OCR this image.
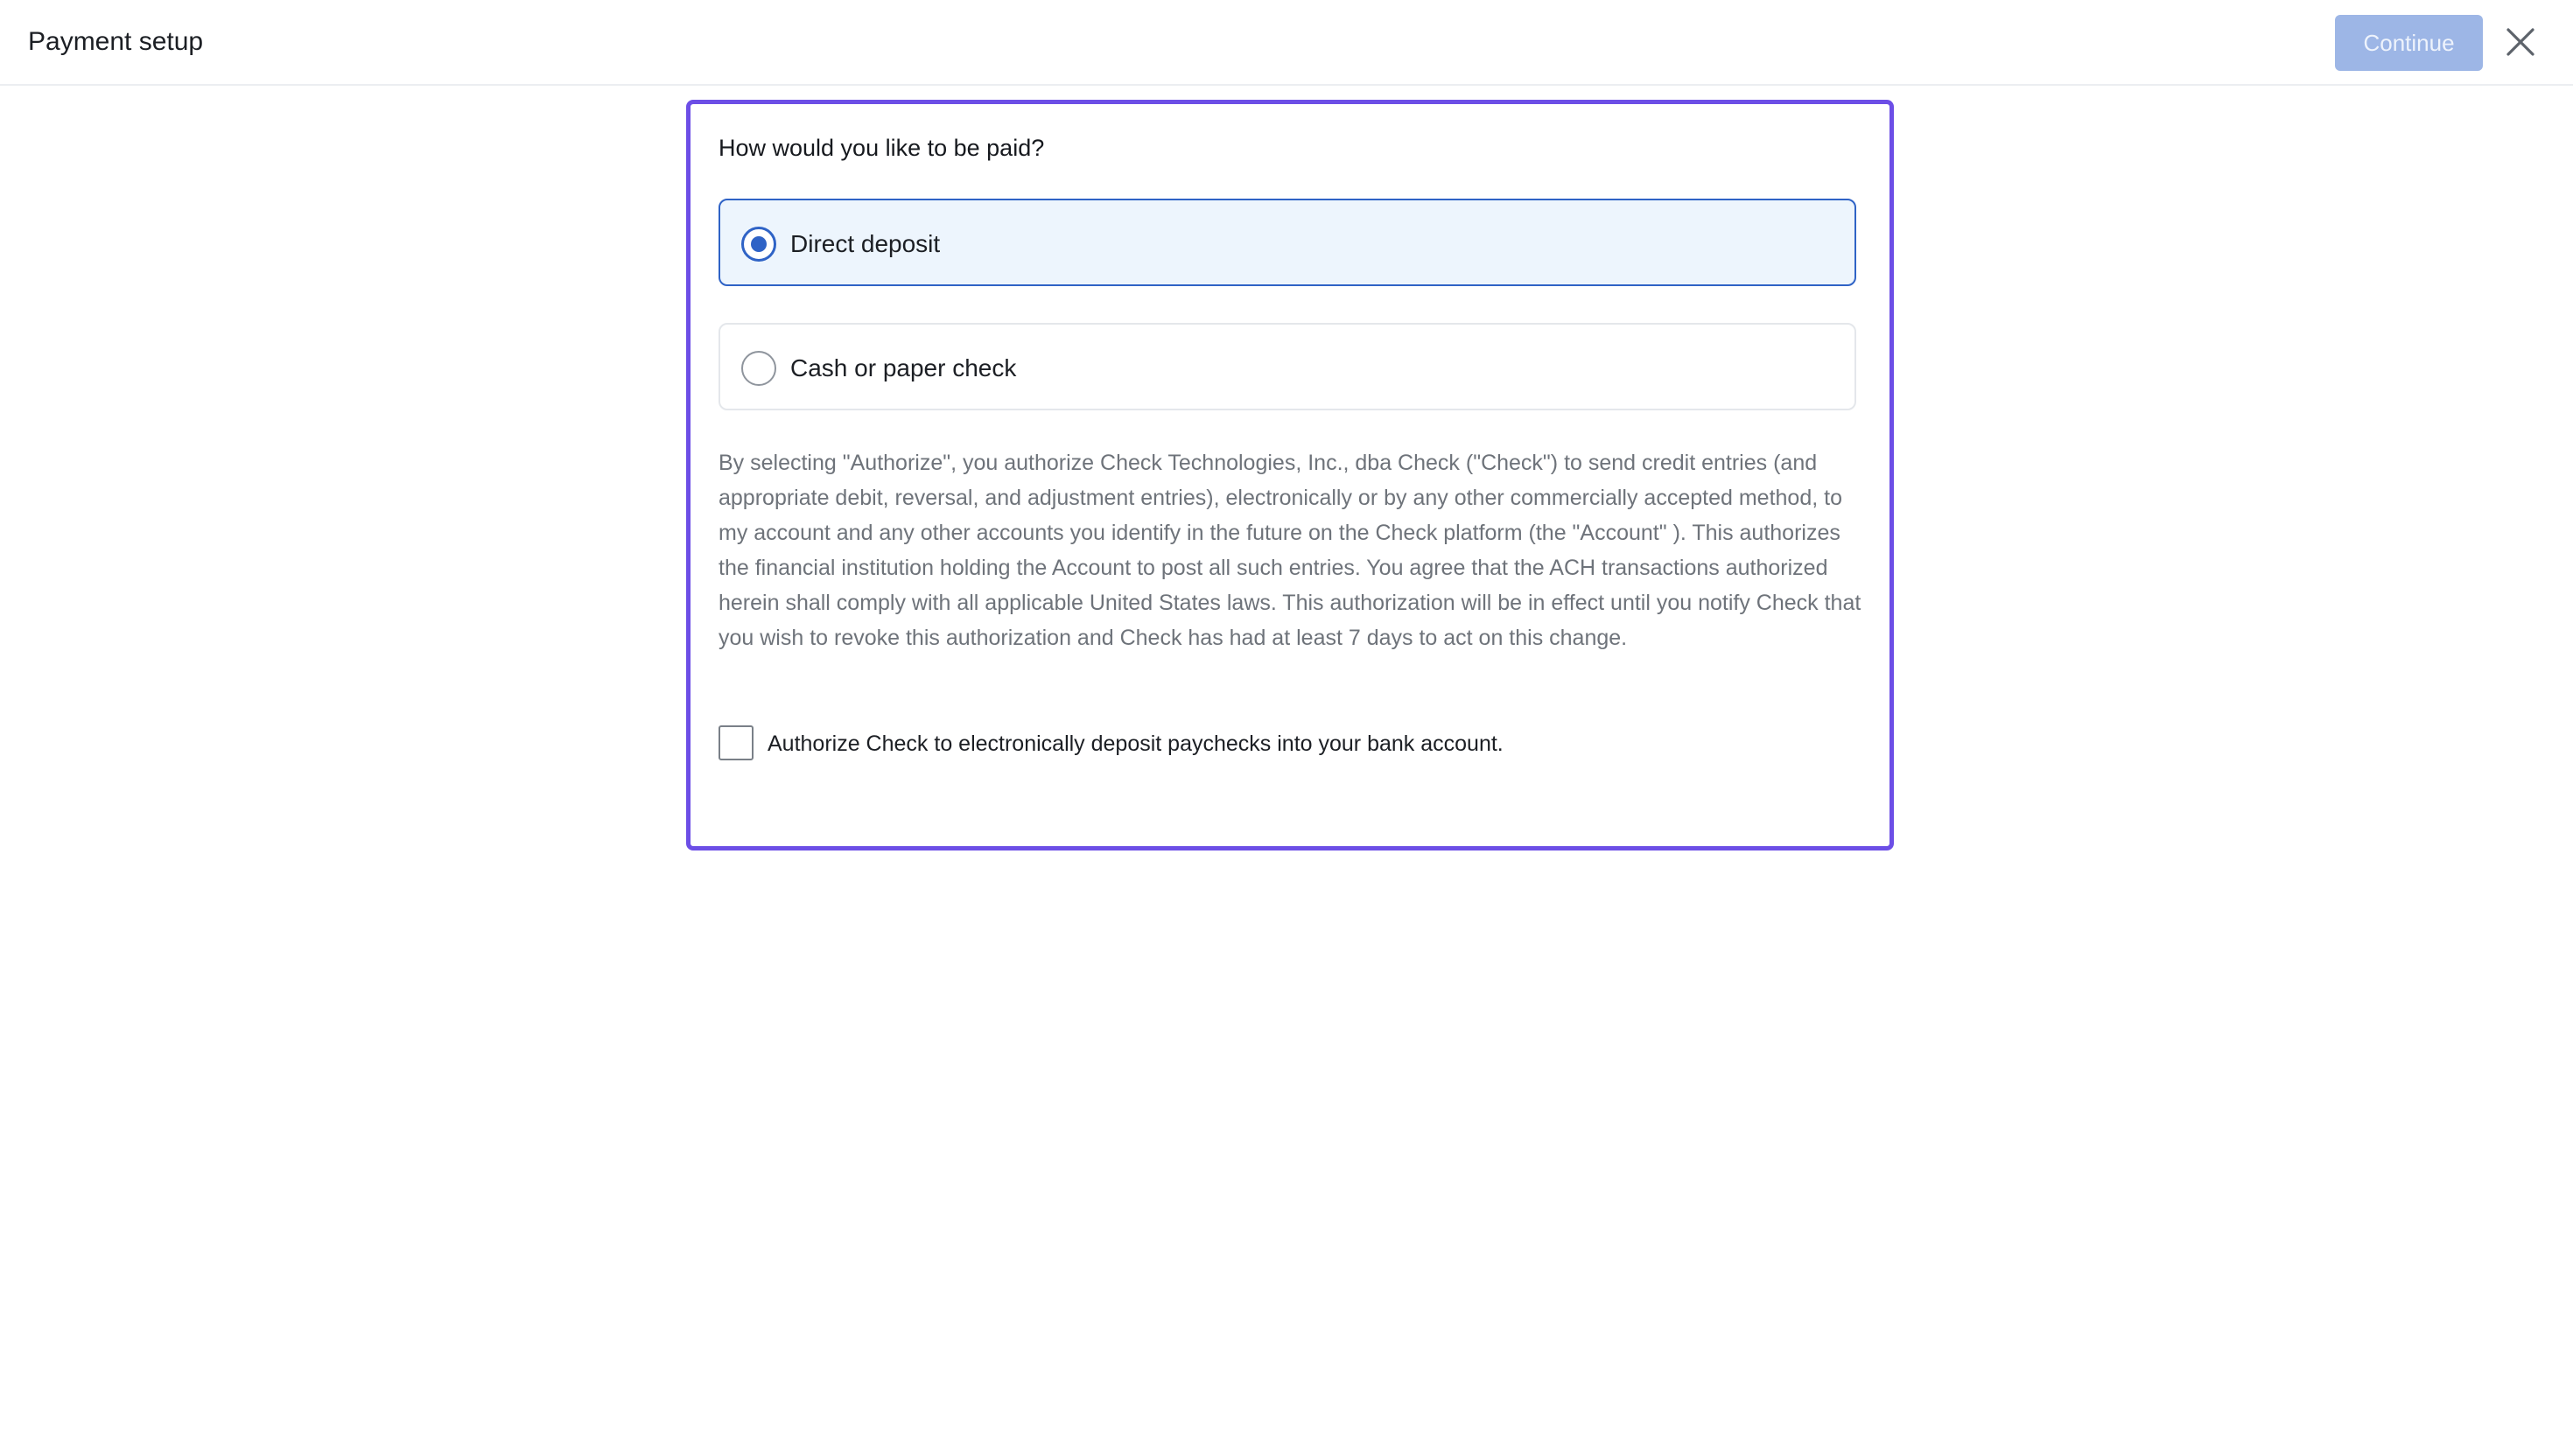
Payment setup	Continue
How would you like to be paid?
Direct deposit
Cash or paper check
By selecting "Authorize", you authorize Check Technologies, Inc., dba Check ("Check") to send credit entries (and appropriate debit, reversal, and adjustment entries), electronically or by any other commercially accepted method, to my account and any other accounts you identify in the future on the Check platform (the "Account" ). This authorizes the financial institution holding the Account to post all such entries. You agree that the ACH transactions authorized herein shall comply with all applicable United States laws. This authorization will be in effect until you notify Check that you wish to revoke this authorization and Check has had at least 7 days to act on this change.
Authorize Check to electronically deposit paychecks into your bank account.
